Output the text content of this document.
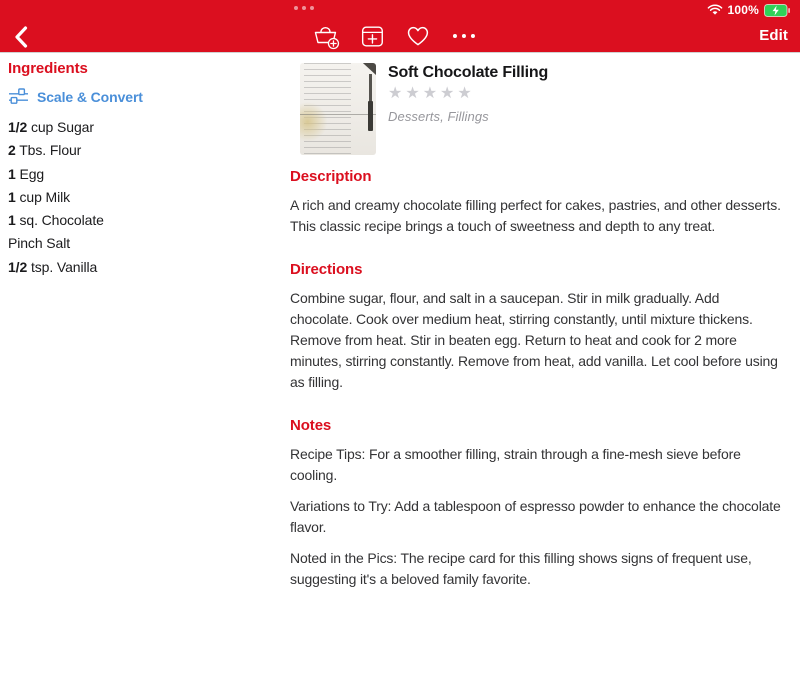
100%
Edit
Ingredients
Scale & Convert
1/2 cup Sugar
2 Tbs. Flour
1 Egg
1 cup Milk
1 sq. Chocolate
Pinch Salt
1/2 tsp. Vanilla
Soft Chocolate Filling
★★★★★
Desserts, Fillings
Description

A rich and creamy chocolate filling perfect for cakes, pastries, and other desserts. This classic recipe brings a touch of sweetness and depth to any treat.

Directions

Combine sugar, flour, and salt in a saucepan. Stir in milk gradually. Add chocolate. Cook over medium heat, stirring constantly, until mixture thickens. Remove from heat. Stir in beaten egg. Return to heat and cook for 2 more minutes, stirring constantly. Remove from heat, add vanilla. Let cool before using as filling.

Notes

Recipe Tips: For a smoother filling, strain through a fine-mesh sieve before cooling.

Variations to Try: Add a tablespoon of espresso powder to enhance the chocolate flavor.

Noted in the Pics: The recipe card for this filling shows signs of frequent use, suggesting it's a beloved family favorite.
